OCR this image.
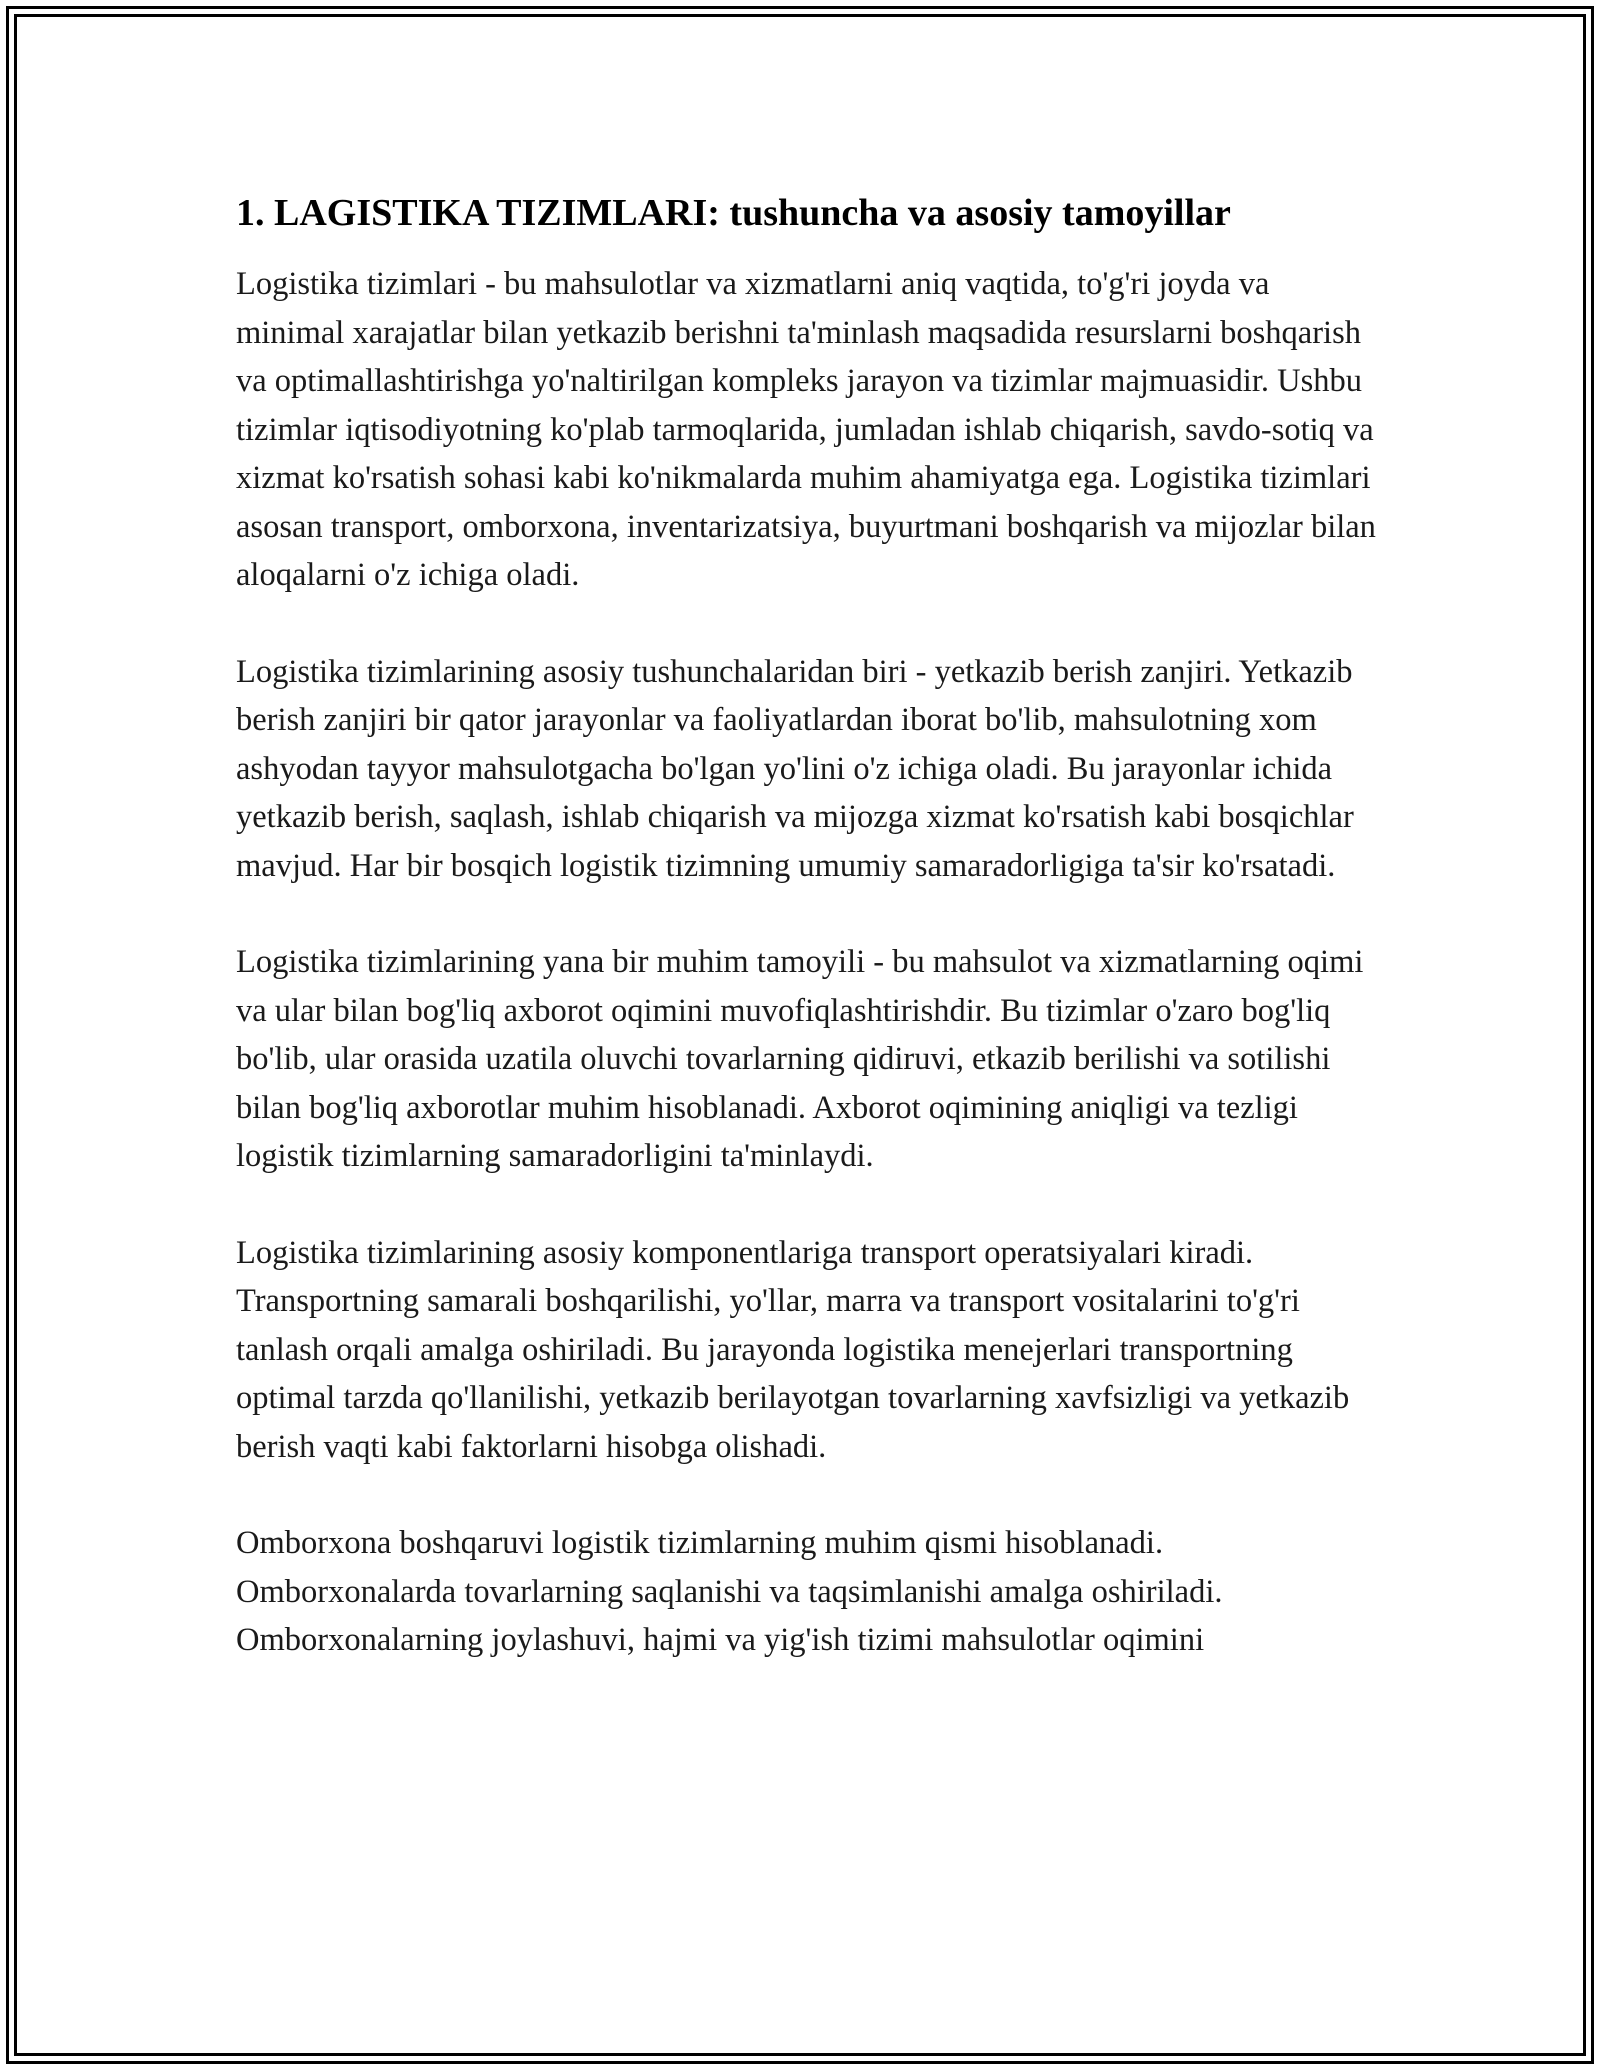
1. LAGISTIKA TIZIMLARI: tushuncha va asosiy tamoyillar

Logistika tizimlari - bu mahsulotlar va xizmatlarni aniq vaqtida, to'g'ri joyda va minimal xarajatlar bilan yetkazib berishni ta'minlash maqsadida resurslarni boshqarish va optimallashtirishga yo'naltirilgan kompleks jarayon va tizimlar majmuasidir. Ushbu tizimlar iqtisodiyotning ko'plab tarmoqlarida, jumladan ishlab chiqarish, savdo-sotiq va xizmat ko'rsatish sohasi kabi ko'nikmalarda muhim ahamiyatga ega. Logistika tizimlari asosan transport, omborxona, inventarizatsiya, buyurtmani boshqarish va mijozlar bilan aloqalarni o'z ichiga oladi.

Logistika tizimlarining asosiy tushunchalaridan biri - yetkazib berish zanjiri. Yetkazib berish zanjiri bir qator jarayonlar va faoliyatlardan iborat bo'lib, mahsulotning xom ashyodan tayyor mahsulotgacha bo'lgan yo'lini o'z ichiga oladi. Bu jarayonlar ichida yetkazib berish, saqlash, ishlab chiqarish va mijozga xizmat ko'rsatish kabi bosqichlar mavjud. Har bir bosqich logistik tizimning umumiy samaradorligiga ta'sir ko'rsatadi.

Logistika tizimlarining yana bir muhim tamoyili - bu mahsulot va xizmatlarning oqimi va ular bilan bog'liq axborot oqimini muvofiqlashtirishdir. Bu tizimlar o'zaro bog'liq bo'lib, ular orasida uzatila oluvchi tovarlarning qidiruvi, etkazib berilishi va sotilishi bilan bog'liq axborotlar muhim hisoblanadi. Axborot oqimining aniqligi va tezligi logistik tizimlarning samaradorligini ta'minlaydi.

Logistika tizimlarining asosiy komponentlariga transport operatsiyalari kiradi. Transportning samarali boshqarilishi, yo'llar, marra va transport vositalarini to'g'ri tanlash orqali amalga oshiriladi. Bu jarayonda logistika menejerlari transportning optimal tarzda qo'llanilishi, yetkazib berilayotgan tovarlarning xavfsizligi va yetkazib berish vaqti kabi faktorlarni hisobga olishadi.

Omborxona boshqaruvi logistik tizimlarning muhim qismi hisoblanadi. Omborxonalarda tovarlarning saqlanishi va taqsimlanishi amalga oshiriladi. Omborxonalarning joylashuvi, hajmi va yig'ish tizimi mahsulotlar oqimini
